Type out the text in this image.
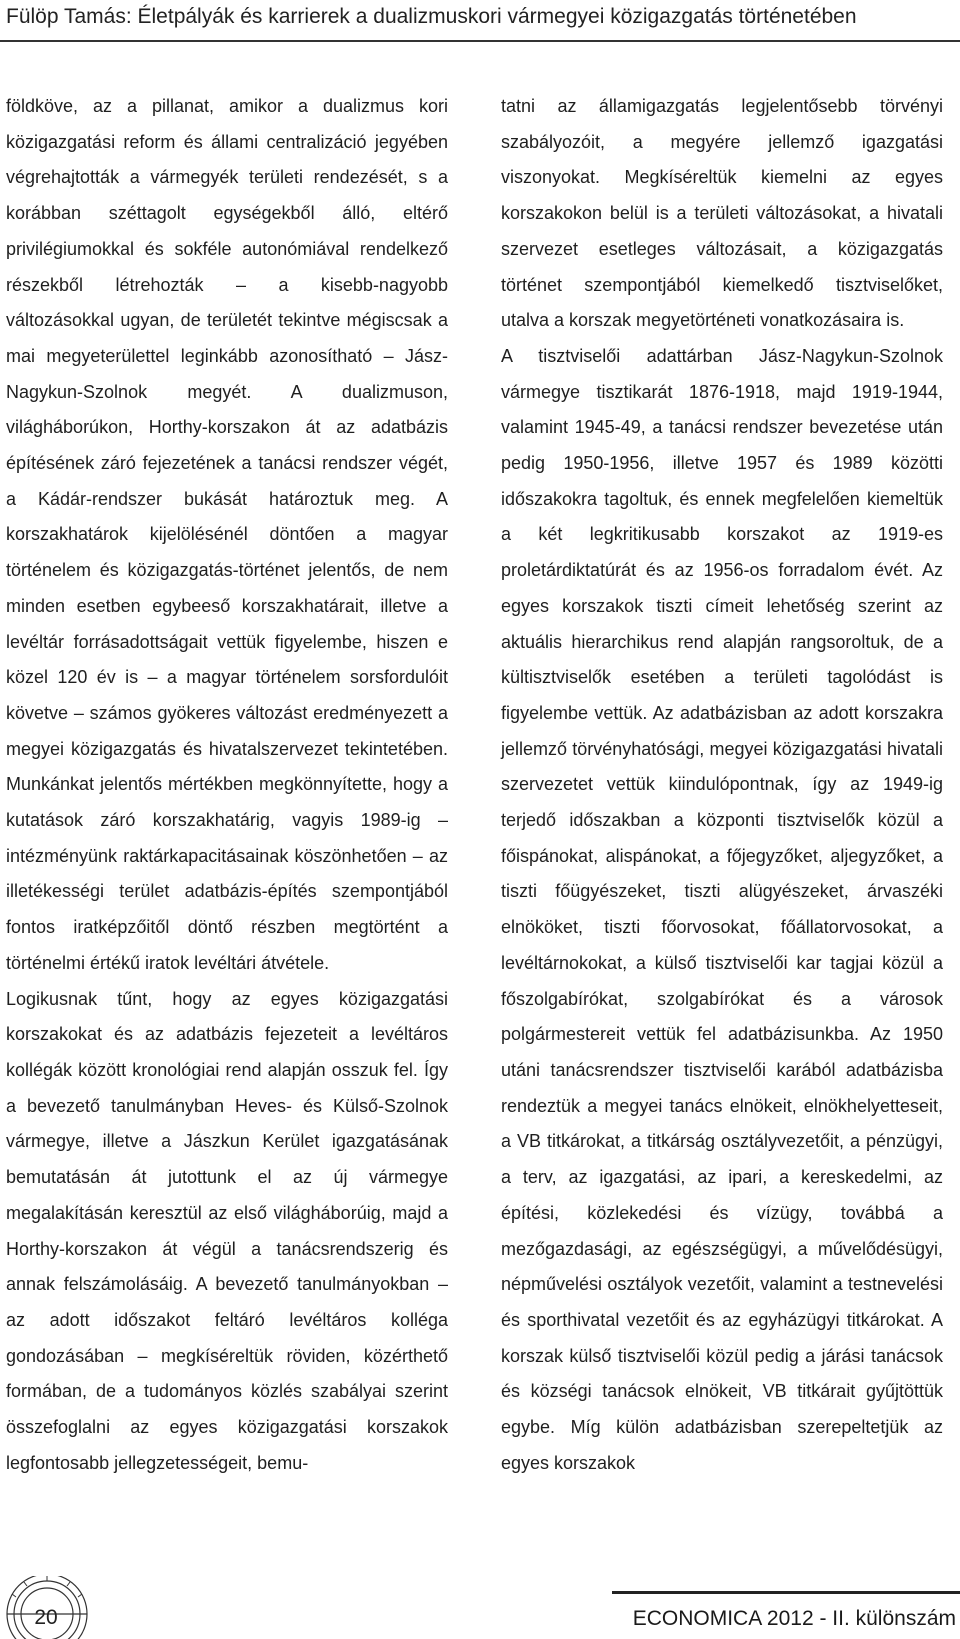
Fülöp Tamás: Életpályák és karrierek a dualizmuskori vármegyei közigazgatás történetében

földköve, az a pillanat, amikor a dualizmus kori közigazgatási reform és állami centralizáció jegyében végrehajtották a vármegyék területi rendezését, s a korábban széttagolt egységekből álló, eltérő privilégiumokkal és sokféle autonómiával rendelkező részekből létrehozták – a kisebb-nagyobb változásokkal ugyan, de területét tekintve mégiscsak a mai megyeterülettel leginkább azonosítható – Jász-Nagykun-Szolnok megyét. A dualizmuson, világháborúkon, Horthy-korszakon át az adatbázis építésének záró fejezetének a tanácsi rendszer végét, a Kádár-rendszer bukását határoztuk meg. A korszakhatárok kijelölésénél döntően a magyar történelem és közigazgatás-történet jelentős, de nem minden esetben egybeeső korszakhatárait, illetve a levéltár forrásadottságait vettük figyelembe, hiszen e közel 120 év is – a magyar történelem sorsfordulóit követve – számos gyökeres változást eredményezett a megyei közigazgatás és hivatalszervezet tekintetében. Munkánkat jelentős mértékben megkönnyítette, hogy a kutatások záró korszakhatárig, vagyis 1989-ig – intézményünk raktárkapacitásainak köszönhetően – az illetékességi terület adatbázis-építés szempontjából fontos iratképzőitől döntő részben megtörtént a történelmi értékű iratok levéltári átvétele.

Logikusnak tűnt, hogy az egyes közigazgatási korszakokat és az adatbázis fejezeteit a levéltáros kollégák között kronológiai rend alapján osszuk fel. Így a bevezető tanulmányban Heves- és Külső-Szolnok vármegye, illetve a Jászkun Kerület igazgatásának bemutatásán át jutottunk el az új vármegye megalakításán keresztül az első világháborúig, majd a Horthy-korszakon át végül a tanácsrendszerig és annak felszámolásáig. A bevezető tanulmányokban – az adott időszakot feltáró levéltáros kolléga gondozásában – megkíséreltük röviden, közérthető formában, de a tudományos közlés szabályai szerint összefoglalni az egyes közigazgatási korszakok legfontosabb jellegzetességeit, bemu-

tatni az államigazgatás legjelentősebb törvényi szabályozóit, a megyére jellemző igazgatási viszonyokat. Megkíséreltük kiemelni az egyes korszakokon belül is a területi változásokat, a hivatali szervezet esetleges változásait, a közigazgatás történet szempontjából kiemelkedő tisztviselőket, utalva a korszak megyetörténeti vonatkozásaira is.

A tisztviselői adattárban Jász-Nagykun-Szolnok vármegye tisztikarát 1876-1918, majd 1919-1944, valamint 1945-49, a tanácsi rendszer bevezetése után pedig 1950-1956, illetve 1957 és 1989 közötti időszakokra tagoltuk, és ennek megfelelően kiemeltük a két legkritikusabb korszakot az 1919-es proletárdiktatúrát és az 1956-os forradalom évét. Az egyes korszakok tiszti címeit lehetőség szerint az aktuális hierarchikus rend alapján rangsoroltuk, de a kültisztviselők esetében a területi tagolódást is figyelembe vettük. Az adatbázisban az adott korszakra jellemző törvényhatósági, megyei közigazgatási hivatali szervezetet vettük kiindulópontnak, így az 1949-ig terjedő időszakban a központi tisztviselők közül a főispánokat, alispánokat, a főjegyzőket, aljegyzőket, a tiszti főügyészeket, tiszti alügyészeket, árvaszéki elnököket, tiszti főorvosokat, főállatorvosokat, a levéltárnokokat, a külső tisztviselői kar tagjai közül a főszolgabírókat, szolgabírókat és a városok polgármestereit vettük fel adatbázisunkba. Az 1950 utáni tanácsrendszer tisztviselői karából adatbázisba rendeztük a megyei tanács elnökeit, elnökhelyetteseit, a VB titkárokat, a titkárság osztályvezetőit, a pénzügyi, a terv, az igazgatási, az ipari, a kereskedelmi, az építési, közlekedési és vízügy, továbbá a mezőgazdasági, az egészségügyi, a művelődésügyi, népművelési osztályok vezetőit, valamint a testnevelési és sporthivatal vezetőit és az egyházügyi titkárokat. A korszak külső tisztviselői közül pedig a járási tanácsok és községi tanácsok elnökeit, VB titkárait gyűjtöttük egybe. Míg külön adatbázisban szerepeltetjük az egyes korszakok

20	ECONOMICA 2012 - II. különszám
